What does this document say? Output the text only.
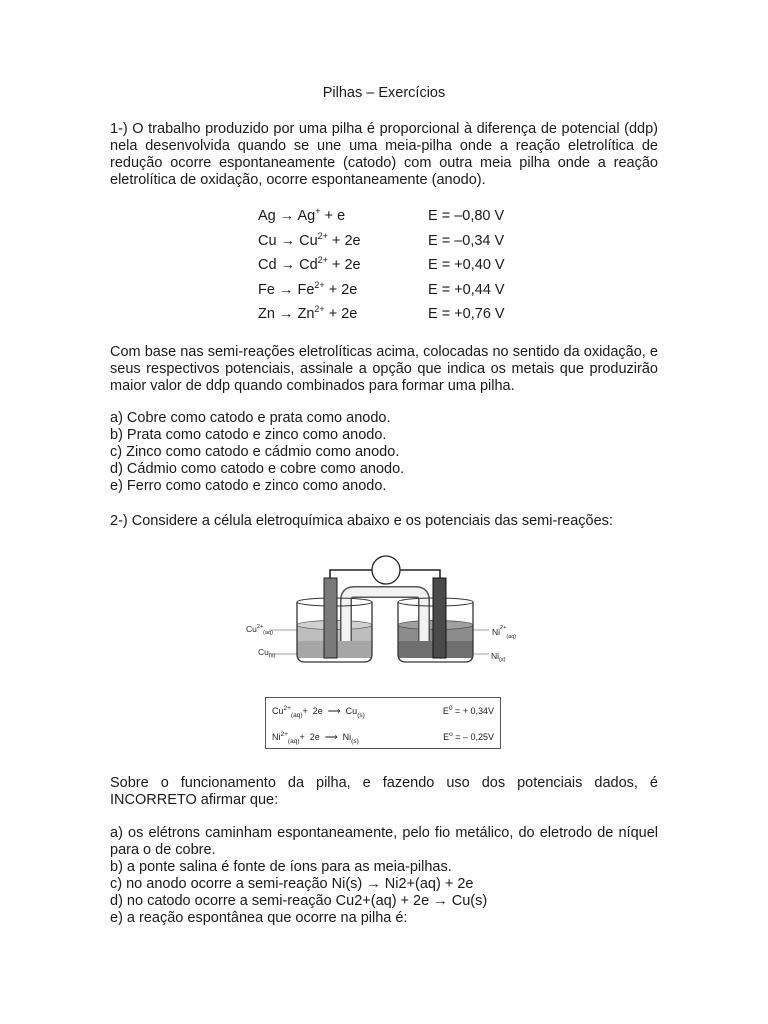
Pilhas – Exercícios
1-) O trabalho produzido por uma pilha é proporcional à diferença de potencial (ddp) nela desenvolvida quando se une uma meia-pilha onde a reação eletrolítica de redução ocorre espontaneamente (catodo) com outra meia pilha onde a reação eletrolítica de oxidação, ocorre espontaneamente (anodo).
Ag → Ag+ + e	E = –0,80 V
$Cu \to Cu^{2+} + 2e$	E = –0,34 V
$Cd \to Cd^{2+} + 2e$	E = +0,40 V
$Fe \to Fe^{2+} + 2e$	E = +0,44 V
$Zn \to Zn^{2+} + 2e$	E = +0,76 V
Com base nas semi-reações eletrolíticas acima, colocadas no sentido da oxidação, e seus respectivos potenciais, assinale a opção que indica os metais que produzirão maior valor de ddp quando combinados para formar uma pilha.
a) Cobre como catodo e prata como anodo.
b) Prata como catodo e zinco como anodo.
c) Zinco como catodo e cádmio como anodo.
d) Cádmio como catodo e cobre como anodo.
e) Ferro como catodo e zinco como anodo.
2-) Considere a célula eletroquímica abaixo e os potenciais das semi-reações:
$Cu^{2+}_{(aq)}$
$Cu_{(s)}$
$Ni^{2+}_{(aq)}$
$Ni_{(s)}$
$Cu^{2+}_{(aq)}+ 2e$  ⟶  $Cu_{(s)}$	$E^0$ = + 0,34V
$Ni^{2+}_{(aq)}+ 2e$  ⟶  $Ni_{(s)}$	$E^o$ = – 0,25V
Sobre o funcionamento da pilha, e fazendo uso dos potenciais dados, é INCORRETO afirmar que:
a) os elétrons caminham espontaneamente, pelo fio metálico, do eletrodo de níquel para o de cobre.
b) a ponte salina é fonte de íons para as meia-pilhas.
c) no anodo ocorre a semi-reação Ni(s) → Ni2+(aq) + 2e
d) no catodo ocorre a semi-reação Cu2+(aq) + 2e → Cu(s)
e) a reação espontânea que ocorre na pilha é:
